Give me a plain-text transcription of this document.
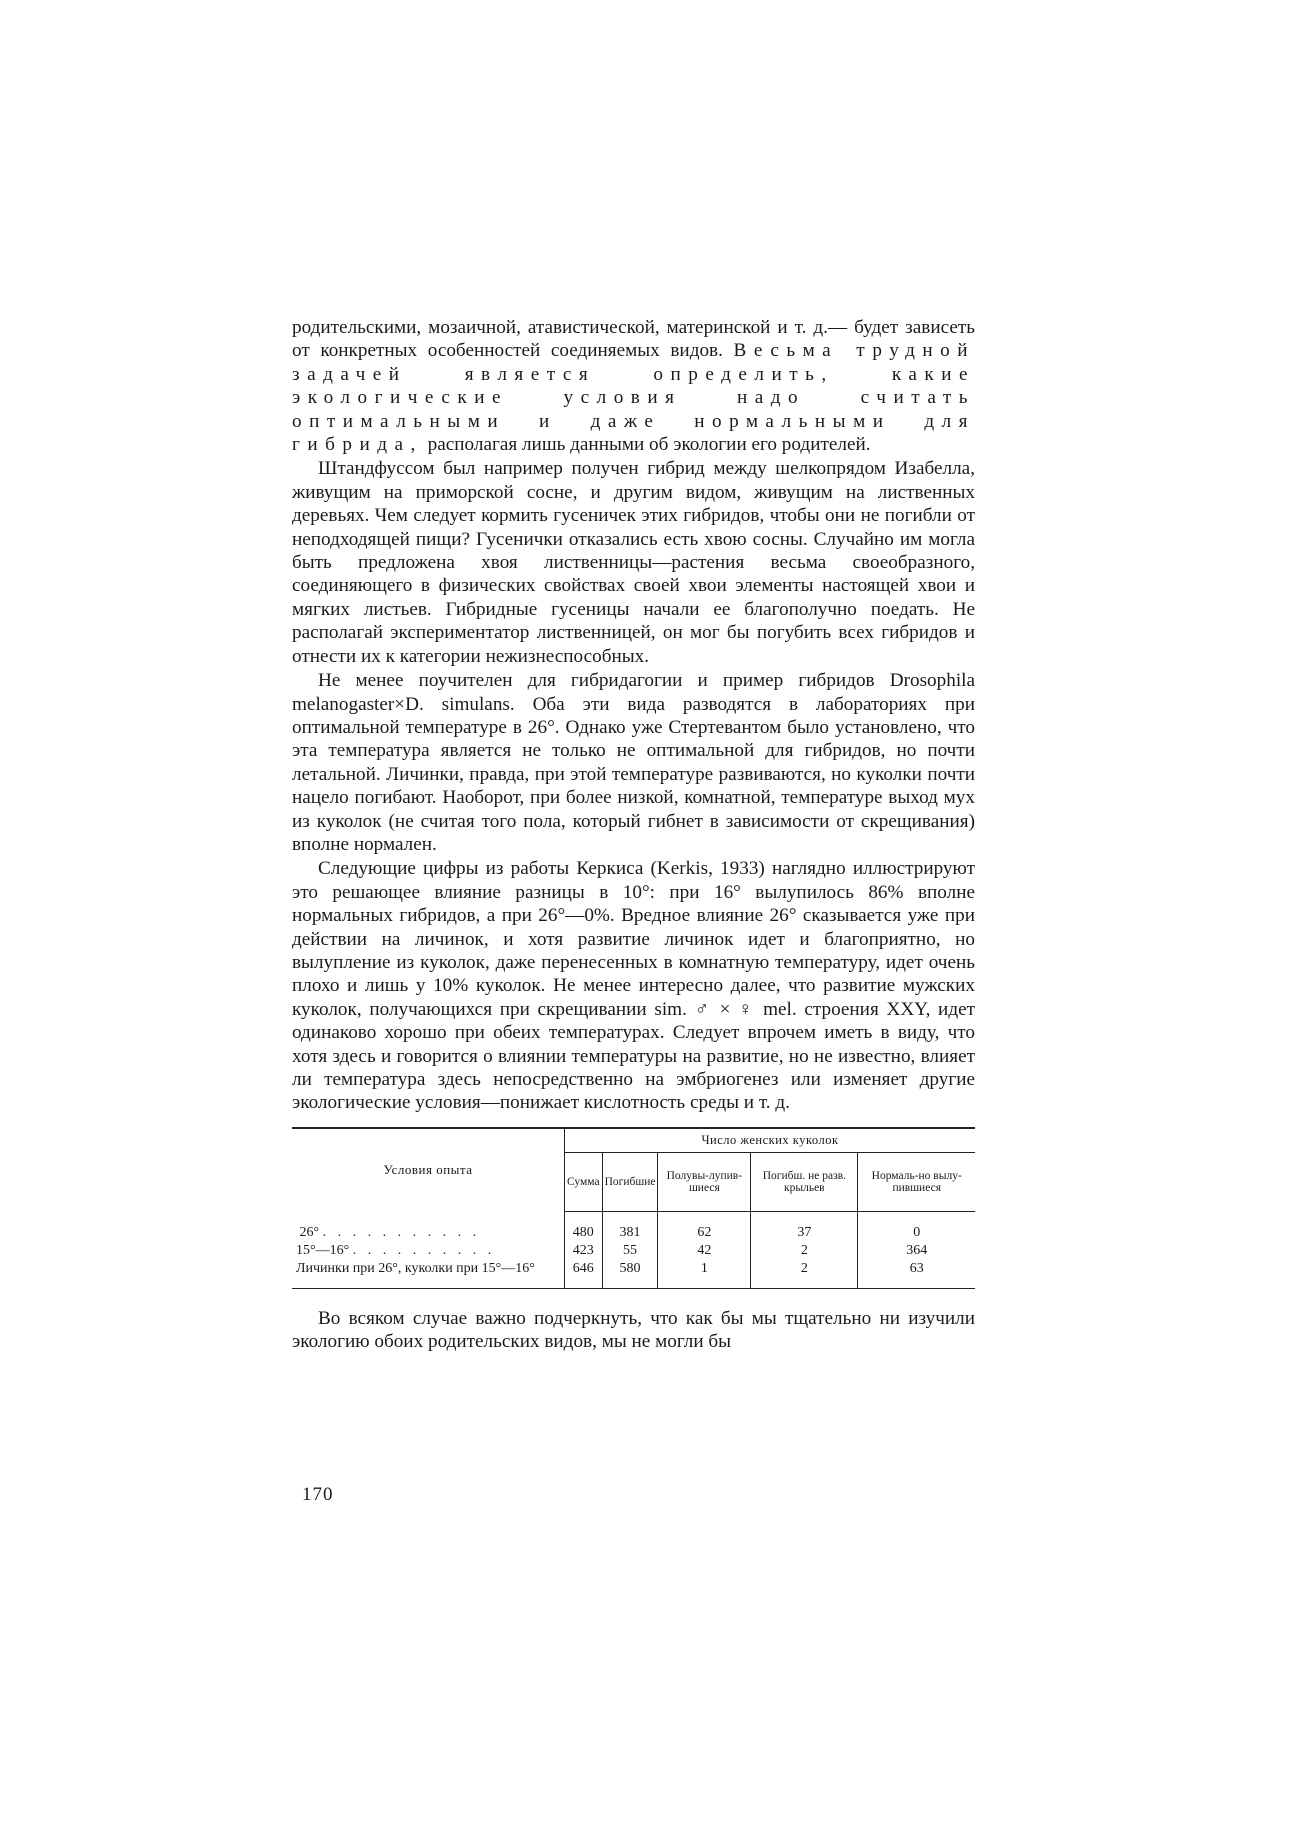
родительскими, мозаичной, атавистической, материнской и т. д.— будет зависеть от конкретных особенностей соединяемых видов. Весьма трудной задачей является определить, какие экологические условия надо считать оптимальными и даже нормальными для гибрида, располагая лишь данными об экологии его родителей.

Штандфуссом был например получен гибрид между шелкопрядом Изабелла, живущим на приморской сосне, и другим видом, живущим на лиственных деревьях. Чем следует кормить гусеничек этих гибридов, чтобы они не погибли от неподходящей пищи? Гусенички отказались есть хвою сосны. Случайно им могла быть предложена хвоя лиственницы—растения весьма своеобразного, соединяющего в физических свойствах своей хвои элементы настоящей хвои и мягких листьев. Гибридные гусеницы начали ее благополучно поедать. Не располагай экспериментатор лиственницей, он мог бы погубить всех гибридов и отнести их к категории нежизнеспособных.

Не менее поучителен для гибридагогии и пример гибридов Drosophila melanogaster×D. simulans. Оба эти вида разводятся в лабораториях при оптимальной температуре в 26°. Однако уже Стертевантом было установлено, что эта температура является не только не оптимальной для гибридов, но почти летальной. Личинки, правда, при этой температуре развиваются, но куколки почти нацело погибают. Наоборот, при более низкой, комнатной, температуре выход мух из куколок (не считая того пола, который гибнет в зависимости от скрещивания) вполне нормален.

Следующие цифры из работы Керкиса (Kerkis, 1933) наглядно иллюстрируют это решающее влияние разницы в 10°: при 16° вылупилось 86% вполне нормальных гибридов, а при 26°—0%. Вредное влияние 26° сказывается уже при действии на личинок, и хотя развитие личинок идет и благоприятно, но вылупление из куколок, даже перенесенных в комнатную температуру, идет очень плохо и лишь у 10% куколок. Не менее интересно далее, что развитие мужских куколок, получающихся при скрещивании sim. ♂ × ♀ mel. строения XXY, идет одинаково хорошо при обеих температурах. Следует впрочем иметь в виду, что хотя здесь и говорится о влиянии температуры на развитие, но не известно, влияет ли температура здесь непосредственно на эмбриогенез или изменяет другие экологические условия—понижает кислотность среды и т. д.

Условия опыта	Число женских куколок				
	Сумма	Погибшие	Полувы-лупив-шиеся	Погибш. не разв. крыльев	Нормаль-но вылу-пившиеся
26° . . . . . . . . . . .	480	381	62	37	0
15°—16° . . . . . . . . . .	423	55	42	2	364
Личинки при 26°, куколки при 15°—16°	646	580	1	2	63

Во всяком случае важно подчеркнуть, что как бы мы тщательно ни изучили экологию обоих родительских видов, мы не могли бы

170
